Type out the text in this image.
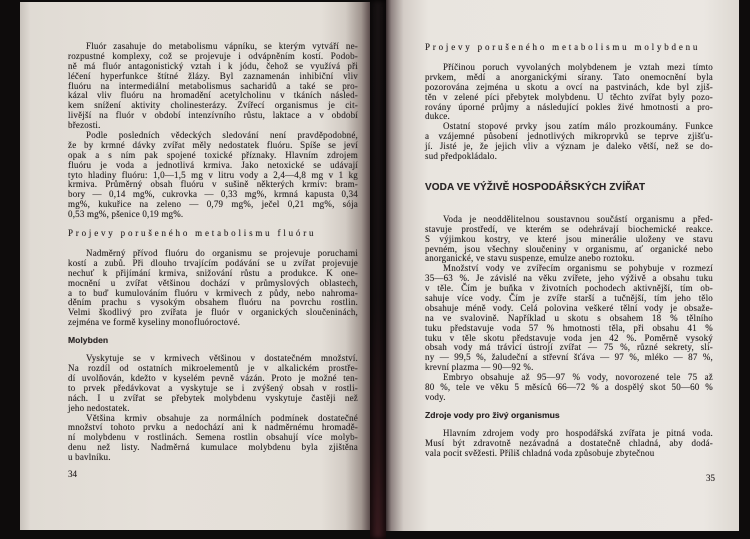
Fluór zasahuje do metabolismu vápníku, se kterým vytváří ne-
rozpustné komplexy, což se projevuje i odvápněním kostí. Podob-
ně má fluór antagonistický vztah i k jódu, čehož se využívá při
léčení hyperfunkce štítné žlázy. Byl zaznamenán inhibiční vliv
fluóru na intermediální metabolismus sacharidů a také se pro-
kázal vliv fluóru na hromadění acetylcholinu v tkáních násled-
kem snížení aktivity cholinesterázy. Zvířecí organismus je cit-
livější na fluór v období intenzívního růstu, laktace a v období
březosti.
Podle posledních vědeckých sledování není pravděpodobné,
že by krmné dávky zvířat měly nedostatek fluóru. Spíše se jeví
opak a s ním pak spojené toxické příznaky. Hlavním zdrojem
fluóru je voda a jednotlivá krmiva. Jako netoxické se udávají
tyto hladiny fluóru: 1,0—1,5 mg v litru vody a 2,4—4,8 mg v 1 kg
krmiva. Průměrný obsah fluóru v sušině některých krmiv: bram-
bory — 0,14 mg%, cukrovka — 0,33 mg%, krmná kapusta 0,34
mg%, kukuřice na zeleno — 0,79 mg%, ječel 0,21 mg%, sója
0,53 mg%, pšenice 0,19 mg%.
Projevy porušeného metabolismu fluóru
Nadměrný přívod fluóru do organismu se projevuje poruchami
kostí a zubů. Při dlouho trvajícím podávání se u zvířat projevuje
nechuť k přijímání krmiva, snižování růstu a produkce. K one-
mocnění u zvířat většinou dochází v průmyslových oblastech,
a to buď kumulováním fluóru v krmivech z půdy, nebo nahroma-
děním prachu s vysokým obsahem fluóru na povrchu rostlin.
Velmi škodlivý pro zvířata je fluór v organických sloučeninách,
zejména ve formě kyseliny monofluóroctové.
Molybden
Vyskytuje se v krmivech většinou v dostatečném množství.
Na rozdíl od ostatních mikroelementů je v alkalickém prostře-
dí uvolňován, kdežto v kyselém pevně vázán. Proto je možné ten-
to prvek předávkovat a vyskytuje se i zvýšený obsah v rostli-
nách. I u zvířat se přebytek molybdenu vyskytuje častěji než
jeho nedostatek.
Většina krmiv obsahuje za normálních podmínek dostatečné
množství tohoto prvku a nedochází ani k nadměrnému hromadě-
ní molybdenu v rostlinách. Semena rostlin obsahují více molyb-
denu než listy. Nadměrná kumulace molybdenu byla zjištěna
u bavlníku.
34
Projevy porušeného metabolismu molybdenu
Příčinou poruch vyvolaných molybdenem je vztah mezi tímto
prvkem, mědí a anorganickými sírany. Tato onemocnění byla
pozorována zejména u skotu a ovcí na pastvinách, kde byl zjiš-
těn v zelené píci přebytek molybdenu. U těchto zvířat byly pozo-
rovány úporné průjmy a následující pokles živé hmotnosti a pro-
dukce.
Ostatní stopové prvky jsou zatím málo prozkoumány. Funkce
a vzájemné působení jednotlivých mikroprvků se teprve zjišťu-
jí. Jisté je, že jejich vliv a význam je daleko větší, než se do-
sud předpokládalo.
VODA VE VÝŽIVĚ HOSPODÁŘSKÝCH ZVÍŘAT
Voda je neoddělitelnou soustavnou součástí organismu a před-
stavuje prostředí, ve kterém se odehrávají biochemické reakce.
S výjimkou kostry, ve které jsou minerálie uloženy ve stavu
pevném, jsou všechny sloučeniny v organismu, ať organické nebo
anorganické, ve stavu suspenze, emulze anebo roztoku.
Množství vody ve zvířecím organismu se pohybuje v rozmezí
35—63 %. Je závislé na věku zvířete, jeho výživě a obsahu tuku
v těle. Čím je buňka v životních pochodech aktivnější, tím ob-
sahuje více vody. Čím je zvíře starší a tučnější, tím jeho tělo
obsahuje méně vody. Celá polovina veškeré tělní vody je obsaže-
na ve svalovině. Například u skotu s obsahem 18 % tělního
tuku představuje voda 57 % hmotnosti těla, při obsahu 41 %
tuku v těle skotu představuje voda jen 42 %. Poměrně vysoký
obsah vody má trávicí ústrojí zvířat — 75 %, různé sekrety, sli-
ny — 99,5 %, žaludeční a střevní šťáva — 97 %, mléko — 87 %,
krevní plazma — 90—92 %.
Embryo obsahuje až 95—97 % vody, novorozené tele 75 až
80 %, tele ve věku 5 měsíců 66—72 % a dospělý skot 50—60 %
vody.
Zdroje vody pro živý organismus
Hlavním zdrojem vody pro hospodářská zvířata je pitná voda.
Musí být zdravotně nezávadná a dostatečně chladná, aby dodá-
vala pocit svěžesti. Příliš chladná voda způsobuje zbytečnou
35
